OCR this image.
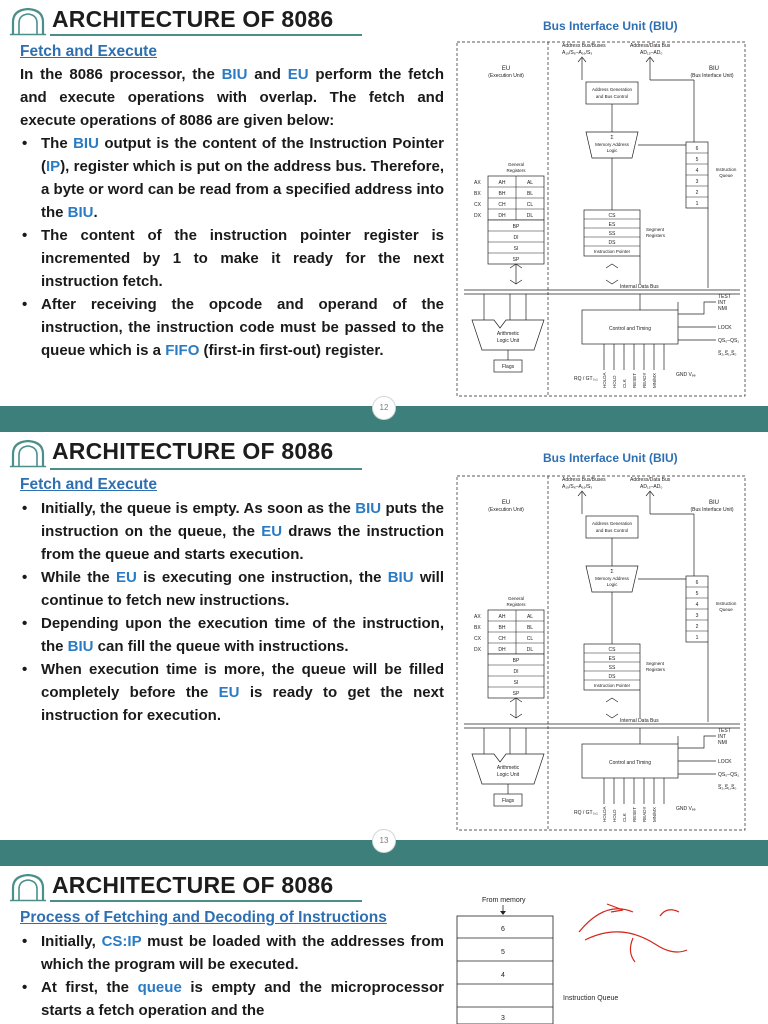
ARCHITECTURE OF 8086
Fetch and Execute

In the 8086 processor, the BIU and EU perform the fetch and execute operations with overlap. The fetch and execute operations of 8086 are given below:

• The BIU output is the content of the Instruction Pointer (IP), register which is put on the address bus. Therefore, a byte or word can be read from a specified address into the BIU.
• The content of the instruction pointer register is incremented by 1 to make it ready for the next instruction fetch.
• After receiving the opcode and operand of the instruction, the instruction code must be passed to the queue which is a FIFO (first-in first-out) register.
Bus Interface Unit (BIU)
EU
(Execution Unit)
BIU
(Bus Interface Unit)
Address Bus/Buses
A₁₉/S₆–A₁₆/S₃
Address/Data Bus
AD₁₅–AD₀
Address Generation
and Bus Control
Σ
Memory Address
Logic	6
5
4
3
2
1
Instruction
Queue
General
Registers
AX	AH	AL
BX	BH	BL
CX	CH	CL
DX	DH	DL
BP
DI
SI
SP
CS
ES
SS
DS
Instruction Pointer
Segment
Registers
Internal Data Bus
Arithmetic
Logic Unit
Flags
Control and Timing
TEST
INT
NMI
LOCK
QS₀–QS₁
S̅₂,S̅₁,S̅₀
RQ / GT₀,₁ HOLDA HOLD CLK RESET READY MN/MX	GND Vₑₑ
12
ARCHITECTURE OF 8086
Fetch and Execute
• Initially, the queue is empty. As soon as the BIU puts the instruction on the queue, the EU draws the instruction from the queue and starts execution.
• While the EU is executing one instruction, the BIU will continue to fetch new instructions.
• Depending upon the execution time of the instruction, the BIU can fill the queue with instructions.
• When execution time is more, the queue will be filled completely before the EU is ready to get the next instruction for execution.
Bus Interface Unit (BIU)
EU
(Execution Unit)
BIU
(Bus Interface Unit)
Address Bus/Buses
A₁₉/S₆–A₁₆/S₃
Address/Data Bus
AD₁₅–AD₀
Address Generation
and Bus Control
Σ
Memory Address
Logic	6
5
4
3
2
1
Instruction
Queue
General
Registers
AX	AH	AL
BX	BH	BL
CX	CH	CL
DX	DH	DL
BP
DI
SI
SP
CS
ES
SS
DS
Instruction Pointer
Segment
Registers
Internal Data Bus
Arithmetic
Logic Unit
Flags
Control and Timing
TEST
INT
NMI
LOCK
QS₀–QS₁
S̅₂,S̅₁,S̅₀
RQ / GT₀,₁ HOLDA HOLD CLK RESET READY MN/MX	GND Vₑₑ
13
ARCHITECTURE OF 8086
Process of Fetching and Decoding of Instructions
• Initially, CS:IP must be loaded with the addresses from which the program will be executed.
• At first, the queue is empty and the microprocessor starts a fetch operation and the
From memory
6
5
4
3
Instruction Queue
